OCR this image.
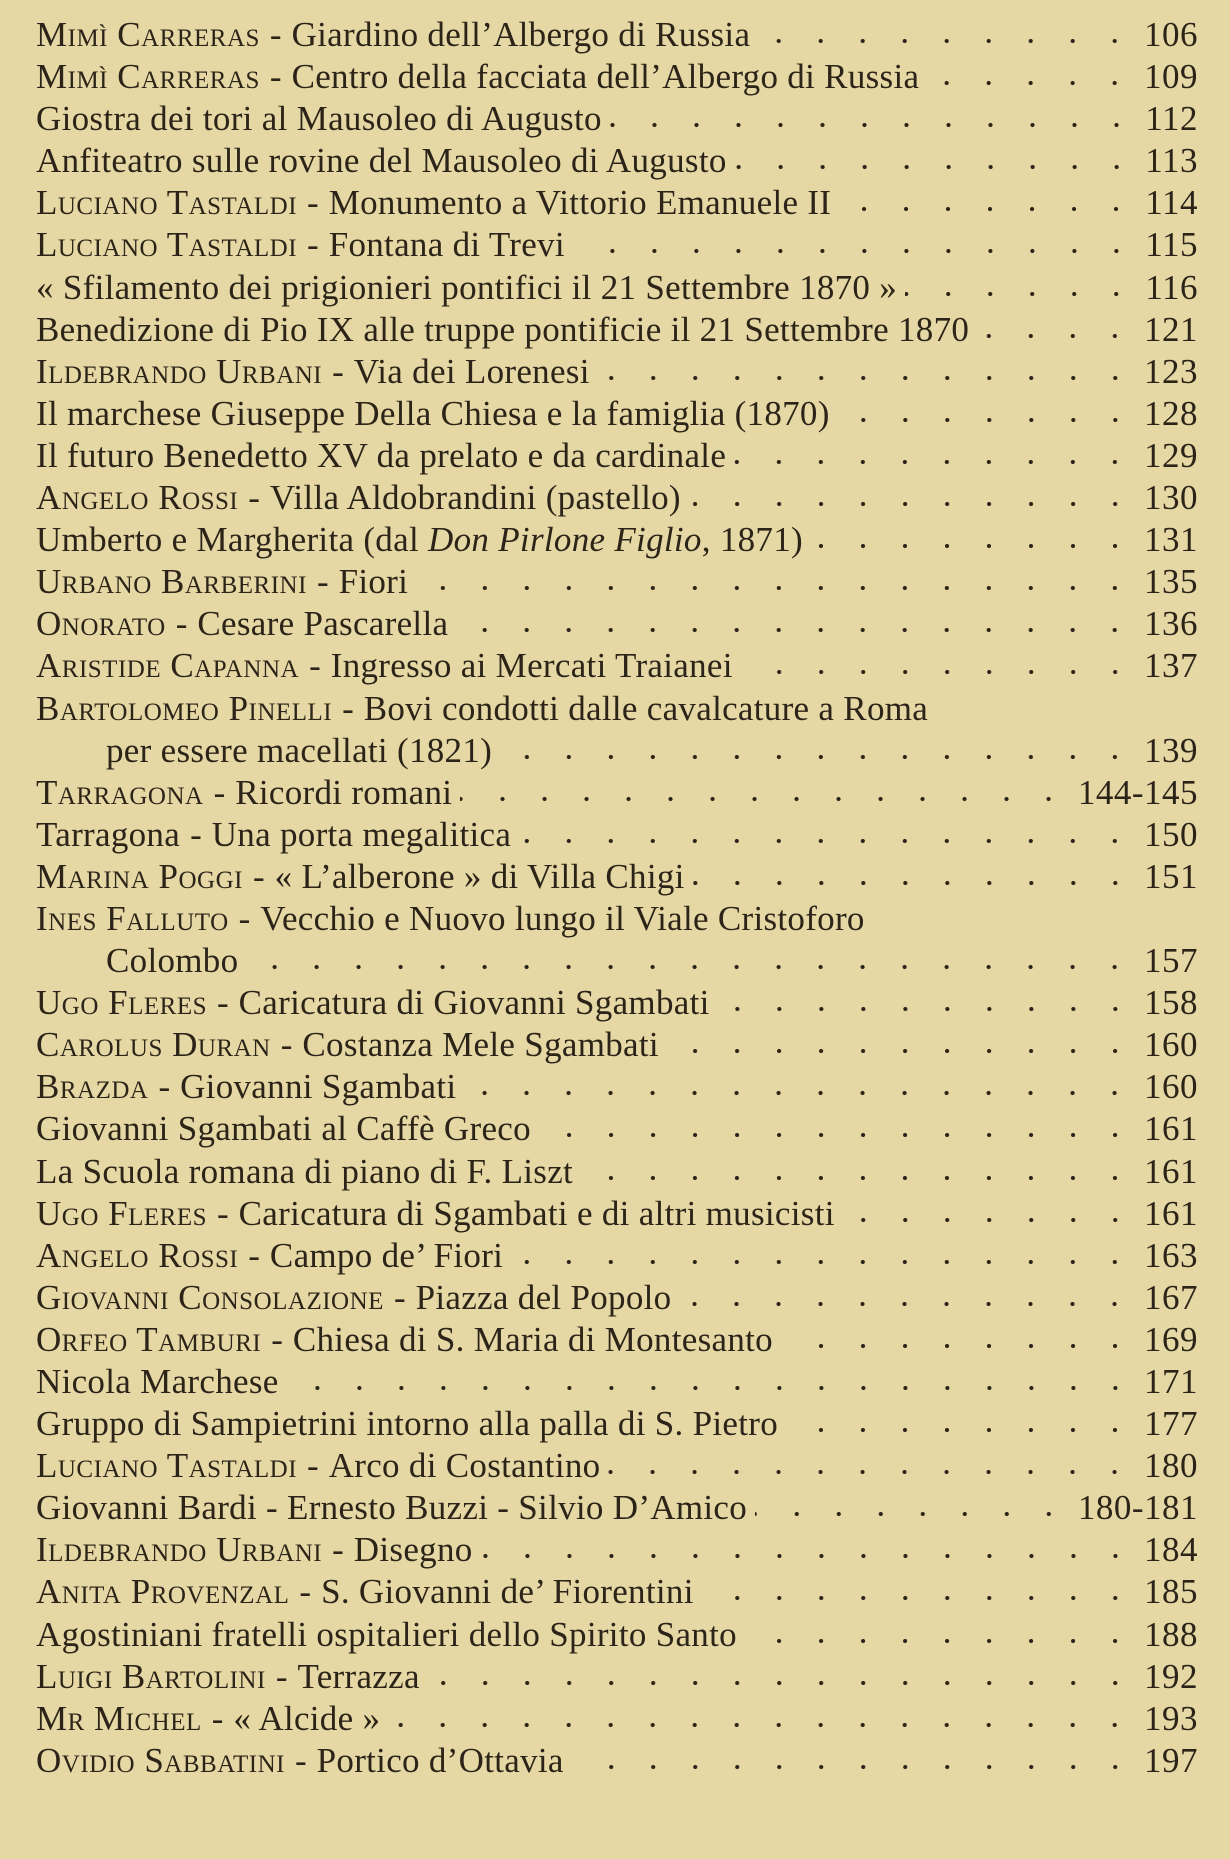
Mimì Carreras - Giardino dell’Albergo di Russia	106
Mimì Carreras - Centro della facciata dell’Albergo di Russia	109
Giostra dei tori al Mausoleo di Augusto	112
Anfiteatro sulle rovine del Mausoleo di Augusto	113
Luciano Tastaldi - Monumento a Vittorio Emanuele II	114
Luciano Tastaldi - Fontana di Trevi	115
« Sfilamento dei prigionieri pontifici il 21 Settembre 1870 »	116
Benedizione di Pio IX alle truppe pontificie il 21 Settembre 1870	121
Ildebrando Urbani - Via dei Lorenesi	123
Il marchese Giuseppe Della Chiesa e la famiglia (1870)	128
Il futuro Benedetto XV da prelato e da cardinale	129
Angelo Rossi - Villa Aldobrandini (pastello)	130
Umberto e Margherita (dal Don Pirlone Figlio, 1871)	131
Urbano Barberini - Fiori	135
Onorato - Cesare Pascarella	136
Aristide Capanna - Ingresso ai Mercati Traianei	137
Bartolomeo Pinelli - Bovi condotti dalle cavalcature a Roma
per essere macellati (1821)	139
Tarragona - Ricordi romani	144-145
Tarragona - Una porta megalitica	150
Marina Poggi - « L’alberone » di Villa Chigi	151
Ines Falluto - Vecchio e Nuovo lungo il Viale Cristoforo
Colombo	157
Ugo Fleres - Caricatura di Giovanni Sgambati	158
Carolus Duran - Costanza Mele Sgambati	160
Brazda - Giovanni Sgambati	160
Giovanni Sgambati al Caffè Greco	161
La Scuola romana di piano di F. Liszt	161
Ugo Fleres - Caricatura di Sgambati e di altri musicisti	161
Angelo Rossi - Campo de’ Fiori	163
Giovanni Consolazione - Piazza del Popolo	167
Orfeo Tamburi - Chiesa di S. Maria di Montesanto	169
Nicola Marchese	171
Gruppo di Sampietrini intorno alla palla di S. Pietro	177
Luciano Tastaldi - Arco di Costantino	180
Giovanni Bardi - Ernesto Buzzi - Silvio D’Amico	180-181
Ildebrando Urbani - Disegno	184
Anita Provenzal - S. Giovanni de’ Fiorentini	185
Agostiniani fratelli ospitalieri dello Spirito Santo	188
Luigi Bartolini - Terrazza	192
Mr Michel - « Alcide »	193
Ovidio Sabbatini - Portico d’Ottavia	197
